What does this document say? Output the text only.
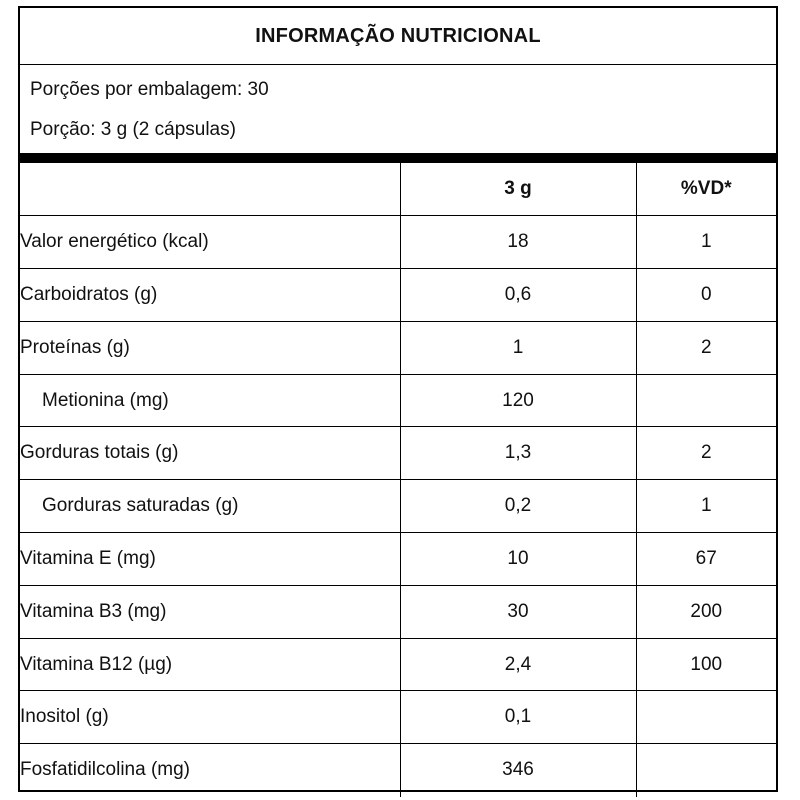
INFORMAÇÃO NUTRICIONAL
Porções por embalagem: 30
Porção: 3 g (2 cápsulas)
	3 g	%VD*
Valor energético (kcal)	18	1
Carboidratos (g)	0,6	0
Proteínas (g)	1	2
Metionina (mg)	120	
Gorduras totais (g)	1,3	2
Gorduras saturadas (g)	0,2	1
Vitamina E (mg)	10	67
Vitamina B3 (mg)	30	200
Vitamina B12 (µg)	2,4	100
Inositol (g)	0,1	
Fosfatidilcolina (mg)	346	
